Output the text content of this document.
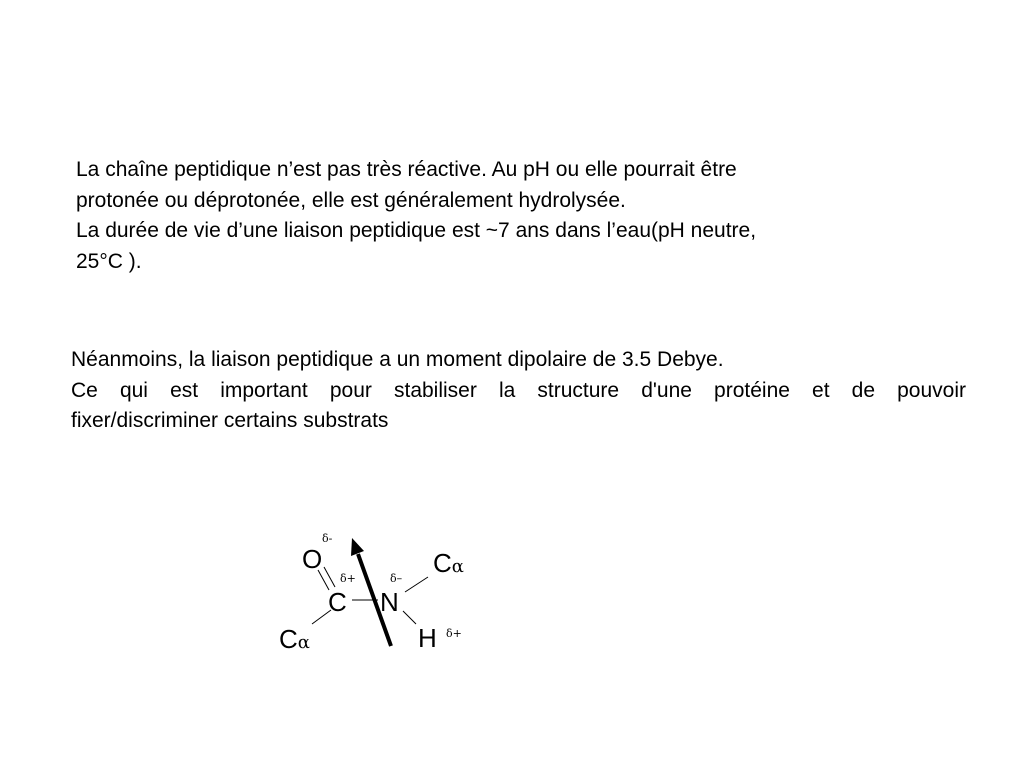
La chaîne peptidique n’est pas très réactive. Au pH ou elle pourrait être
protonée ou déprotonée, elle est généralement hydrolysée.
La durée de vie d’une liaison peptidique est ~7 ans dans l’eau(pH neutre,
25°C ).
Néanmoins, la liaison peptidique a un moment dipolaire de 3.5 Debye.
Ce qui est important pour stabiliser la structure d'une protéine et de pouvoir
fixer/discriminer certains substrats
O
C N
H
Cα
Cα
δ-
δ+	δ–
δ+
